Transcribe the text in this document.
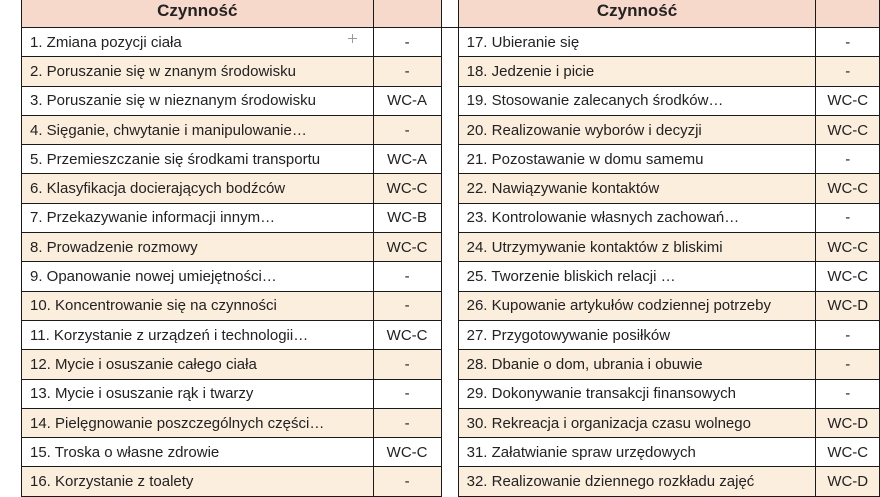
Czynność			Czynność	
1. Zmiana pozycji ciała	-		17. Ubieranie się	-
2. Poruszanie się w znanym środowisku	-		18. Jedzenie i picie	-
3. Poruszanie się w nieznanym środowisku	WC-A		19. Stosowanie zalecanych środków…	WC-C
4. Sięganie, chwytanie i manipulowanie…	-		20. Realizowanie wyborów i decyzji	WC-C
5. Przemieszczanie się środkami transportu	WC-A		21. Pozostawanie w domu samemu	-
6. Klasyfikacja docierających bodźców	WC-C		22. Nawiązywanie kontaktów	WC-C
7. Przekazywanie informacji innym…	WC-B		23. Kontrolowanie własnych zachowań…	-
8. Prowadzenie rozmowy	WC-C		24. Utrzymywanie kontaktów z bliskimi	WC-C
9. Opanowanie nowej umiejętności…	-		25. Tworzenie bliskich relacji …	WC-C
10. Koncentrowanie się na czynności	-		26. Kupowanie artykułów codziennej potrzeby	WC-D
11. Korzystanie z urządzeń i technologii…	WC-C		27. Przygotowywanie posiłków	-
12. Mycie i osuszanie całego ciała	-		28. Dbanie o dom, ubrania i obuwie	-
13. Mycie i osuszanie rąk i twarzy	-		29. Dokonywanie transakcji finansowych	-
14. Pielęgnowanie poszczególnych części…	-		30. Rekreacja i organizacja czasu wolnego	WC-D
15. Troska o własne zdrowie	WC-C		31. Załatwianie spraw urzędowych	WC-C
16. Korzystanie z toalety	-		32. Realizowanie dziennego rozkładu zajęć	WC-D
